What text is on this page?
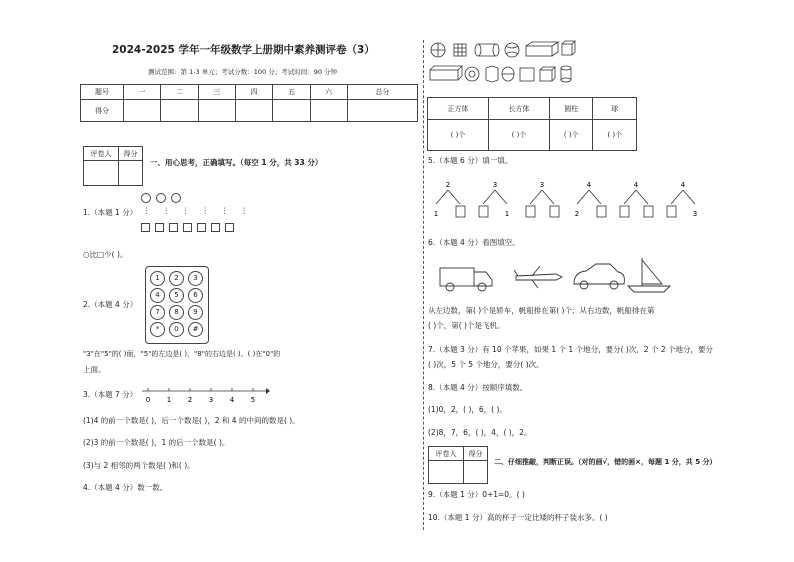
2024-2025 学年一年级数学上册期中素养测评卷（3）
测试范围：第 1-3 单元；考试分数：100 分；考试时间：90 分钟
题号	一	二	三	四	五	六	总分
得分							
评卷人	得分

一、用心思考，正确填写。（每空 1 分，共 33 分）
1.（本题 1 分） ⋮⋮⋮⋮⋮⋮
○比□少( )。
2.（本题 4 分）
1	2	3
4	5	6
7	8	9
*	0	#
"3"在"5"的( )面，"5"的左边是( )，"8"的右边是( )。( )在"0"的
上面。
3.（本题 7 分）
0 1 2 3 4 5
(1)4 的前一个数是( )，后一个数是( )，2 和 4 的中间的数是( )。
(2)3 的前一个数是( )，1 的后一个数是( )。
(3)与 2 相邻的两个数是( )和( )。
4.（本题 4 分）数一数。
正方体	长方体	圆柱	球
( )个	( )个	( )个	( )个
5.（本题 6 分）填一填。
2
1
3
1
3	4
2
4	4
3
6.（本题 4 分）看图填空。
从左边数，第( )个是轿车，帆船排在第( )个；从右边数，帆船排在第
( )个，第( )个是飞机。
7.（本题 3 分）有 10 个苹果，如果 1 个 1 个地分，要分( )次，2 个 2 个地分，要分
( )次，5 个 5 个地分，要分( )次。
8.（本题 4 分）按顺序填数。
(1)0，2，( )，6，( )。
(2)8，7，6，( )，4，( )，2。
评卷人	得分

二、仔细推敲，判断正误。（对的画√，错的画×，每题 1 分，共 5 分）
9.（本题 1 分）0+1=0。( )
10.（本题 1 分）高的杯子一定比矮的杯子装水多。( )
